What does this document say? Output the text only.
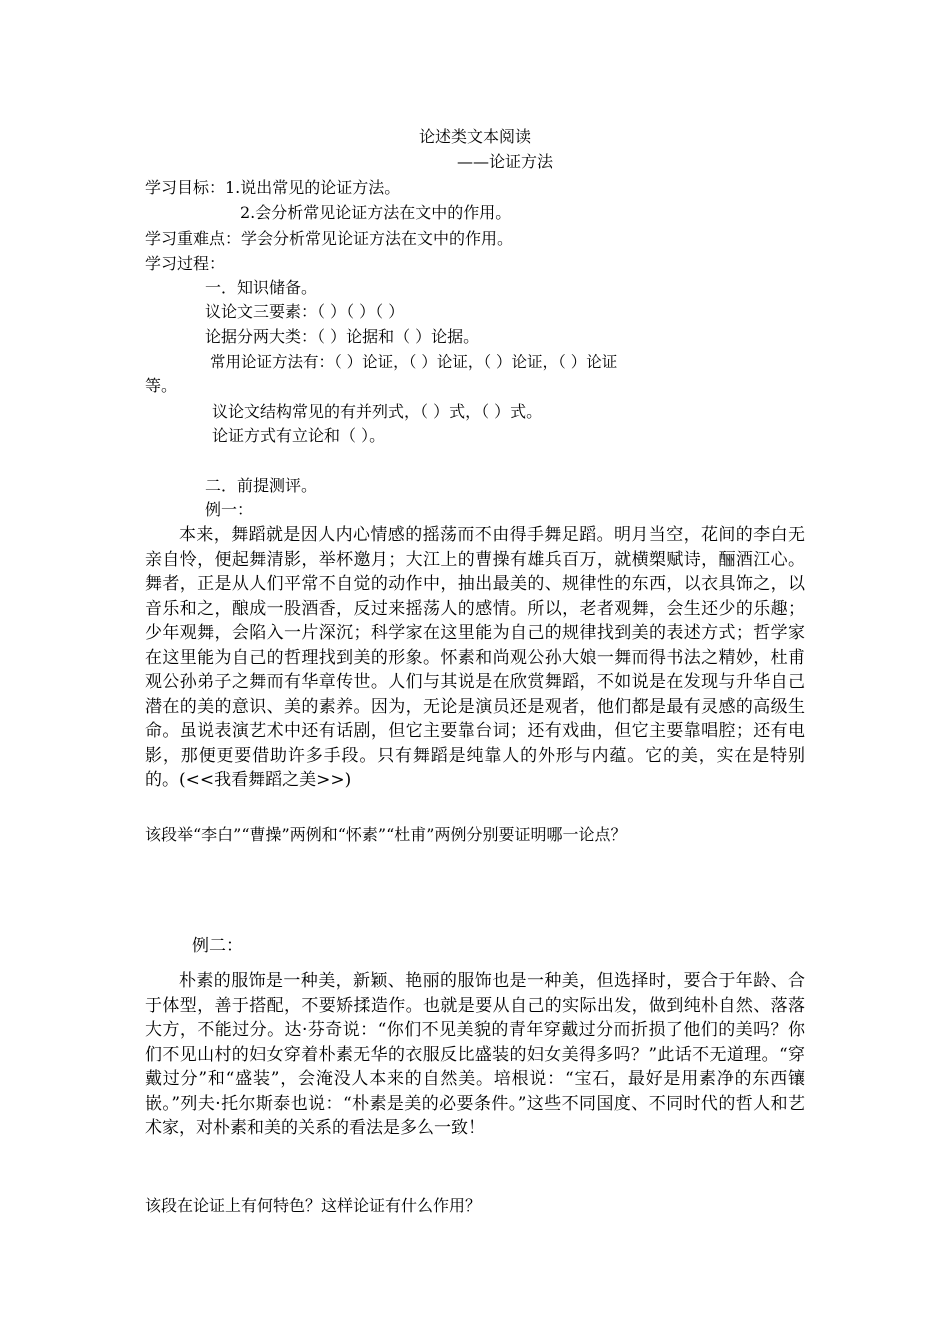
论述类文本阅读
——论证方法
学习目标：1.说出常见的论证方法。
2.会分析常见论证方法在文中的作用。
学习重难点：学会分析常见论证方法在文中的作用。
学习过程：
一．知识储备。
议论文三要素：（ ）（ ）（ ）
论据分两大类：（ ）论据和（ ）论据。
常用论证方法有：（ ）论证，（ ）论证，（ ）论证，（ ）论证
等。
议论文结构常见的有并列式，（ ）式，（ ）式。
论证方式有立论和（ ）。
二．前提测评。
例一：
本来，舞蹈就是因人内心情感的摇荡而不由得手舞足蹈。明月当空，花间的李白无亲自怜，便起舞清影，举杯邀月；大江上的曹操有雄兵百万，就横槊赋诗，酾酒江心。舞者，正是从人们平常不自觉的动作中，抽出最美的、规律性的东西，以衣具饰之，以音乐和之，酿成一股酒香，反过来摇荡人的感情。所以，老者观舞，会生还少的乐趣；少年观舞，会陷入一片深沉；科学家在这里能为自己的规律找到美的表述方式；哲学家在这里能为自己的哲理找到美的形象。怀素和尚观公孙大娘一舞而得书法之精妙，杜甫观公孙弟子之舞而有华章传世。人们与其说是在欣赏舞蹈，不如说是在发现与升华自己潜在的美的意识、美的素养。因为，无论是演员还是观者，他们都是最有灵感的高级生命。虽说表演艺术中还有话剧，但它主要靠台词；还有戏曲，但它主要靠唱腔；还有电影，那便更要借助许多手段。只有舞蹈是纯靠人的外形与内蕴。它的美，实在是特别的。(<<我看舞蹈之美>>)
该段举“李白”“曹操”两例和“怀素”“杜甫”两例分别要证明哪一论点？
例二：
朴素的服饰是一种美，新颖、艳丽的服饰也是一种美，但选择时，要合于年龄、合于体型，善于搭配，不要矫揉造作。也就是要从自己的实际出发，做到纯朴自然、落落大方，不能过分。达·芬奇说：“你们不见美貌的青年穿戴过分而折损了他们的美吗？你们不见山村的妇女穿着朴素无华的衣服反比盛装的妇女美得多吗？”此话不无道理。“穿戴过分”和“盛装”，会淹没人本来的自然美。培根说：“宝石，最好是用素净的东西镶嵌。”列夫·托尔斯泰也说：“朴素是美的必要条件。”这些不同国度、不同时代的哲人和艺术家，对朴素和美的关系的看法是多么一致！
该段在论证上有何特色？这样论证有什么作用？
